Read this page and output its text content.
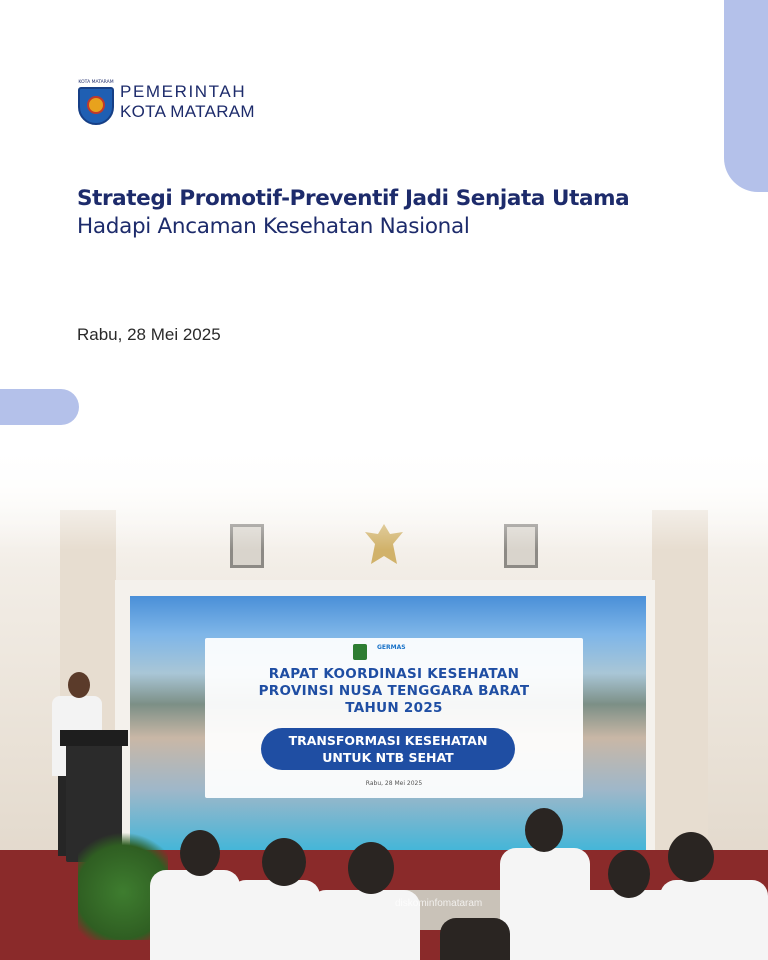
KOTA MATARAM PEMERINTAH
KOTA MATARAM
Strategi Promotif-Preventif Jadi Senjata Utama
Hadapi Ancaman Kesehatan Nasional
Rabu, 28 Mei 2025
GERMAS
RAPAT KOORDINASI KESEHATAN
PROVINSI NUSA TENGGARA BARAT
TAHUN 2025
TRANSFORMASI KESEHATAN
UNTUK NTB SEHAT
Rabu, 28 Mei 2025
diskominfomataram
